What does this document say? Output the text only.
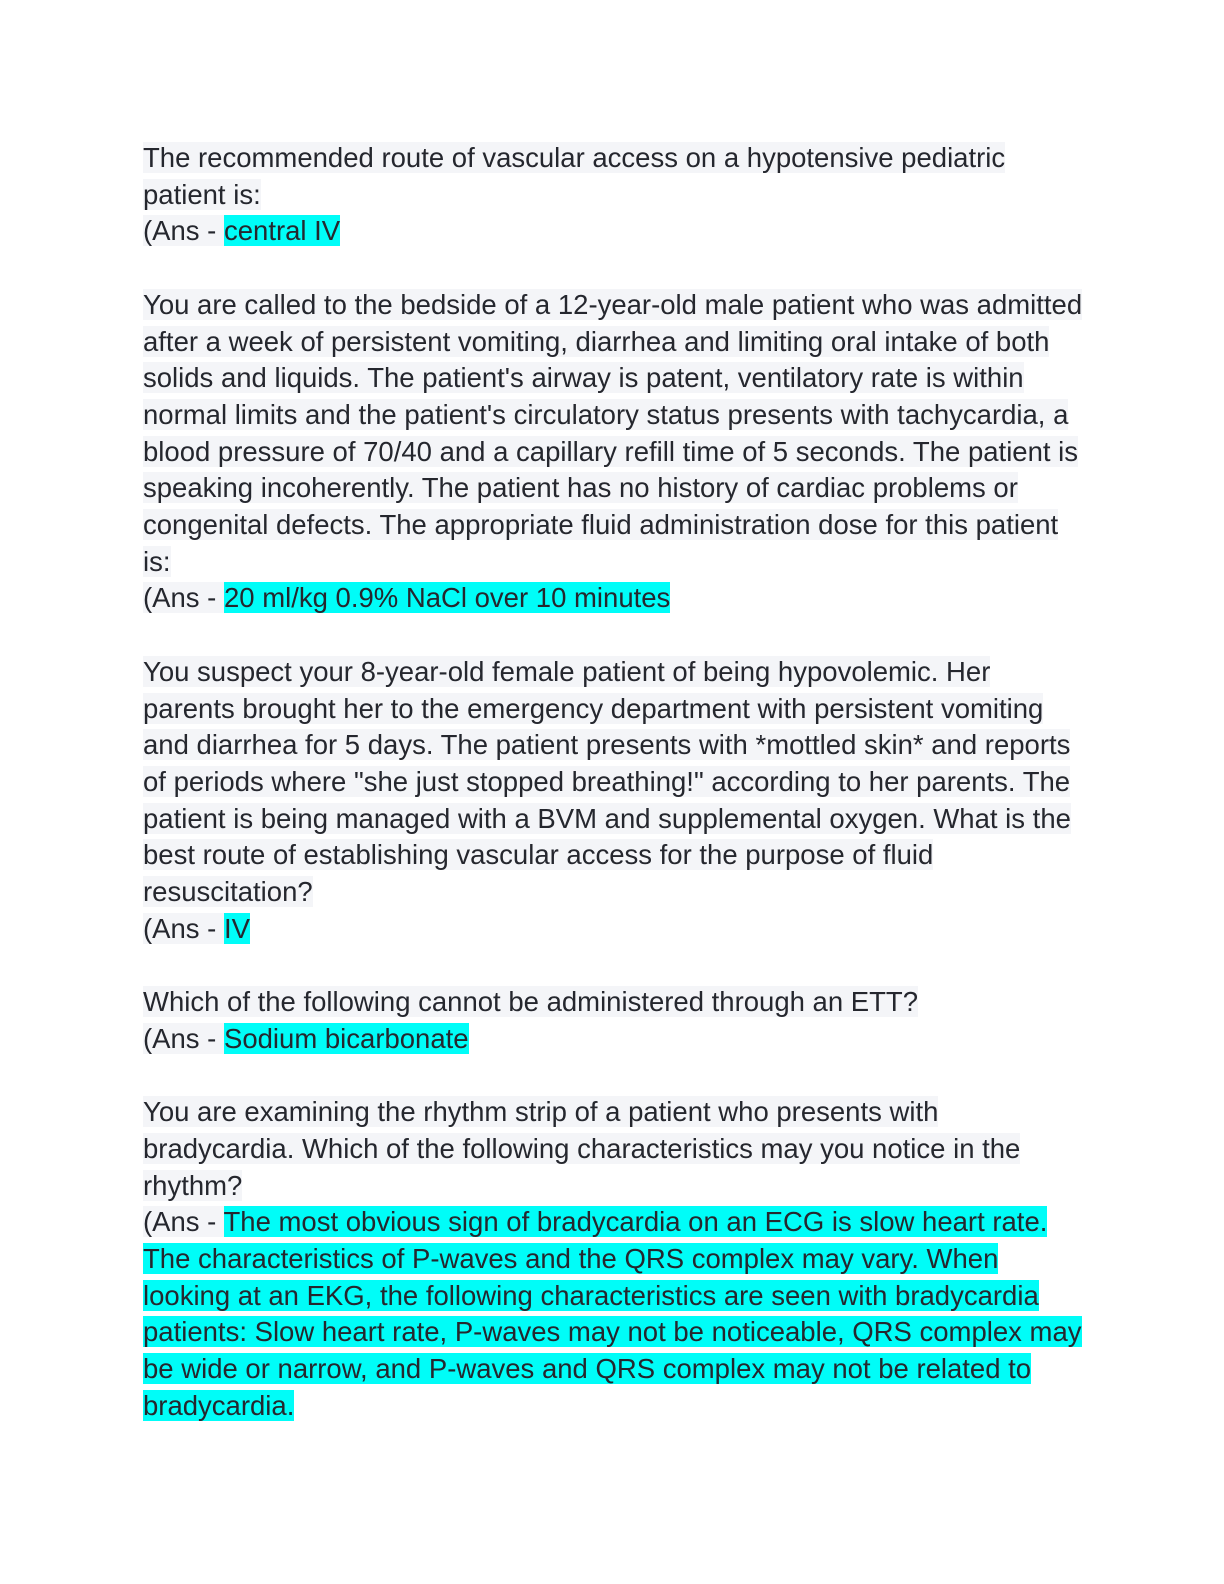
The recommended route of vascular access on a hypotensive pediatric patient is:
(Ans - central IV
You are called to the bedside of a 12-year-old male patient who was admitted after a week of persistent vomiting, diarrhea and limiting oral intake of both solids and liquids. The patient's airway is patent, ventilatory rate is within normal limits and the patient's circulatory status presents with tachycardia, a blood pressure of 70/40 and a capillary refill time of 5 seconds. The patient is speaking incoherently. The patient has no history of cardiac problems or congenital defects. The appropriate fluid administration dose for this patient is:
(Ans - 20 ml/kg 0.9% NaCl over 10 minutes
You suspect your 8-year-old female patient of being hypovolemic. Her parents brought her to the emergency department with persistent vomiting and diarrhea for 5 days. The patient presents with *mottled skin* and reports of periods where "she just stopped breathing!" according to her parents. The patient is being managed with a BVM and supplemental oxygen. What is the best route of establishing vascular access for the purpose of fluid resuscitation?
(Ans - IV
Which of the following cannot be administered through an ETT?
(Ans - Sodium bicarbonate
You are examining the rhythm strip of a patient who presents with bradycardia. Which of the following characteristics may you notice in the rhythm?
(Ans - The most obvious sign of bradycardia on an ECG is slow heart rate. The characteristics of P-waves and the QRS complex may vary. When looking at an EKG, the following characteristics are seen with bradycardia patients: Slow heart rate, P-waves may not be noticeable, QRS complex may be wide or narrow, and P-waves and QRS complex may not be related to bradycardia.
